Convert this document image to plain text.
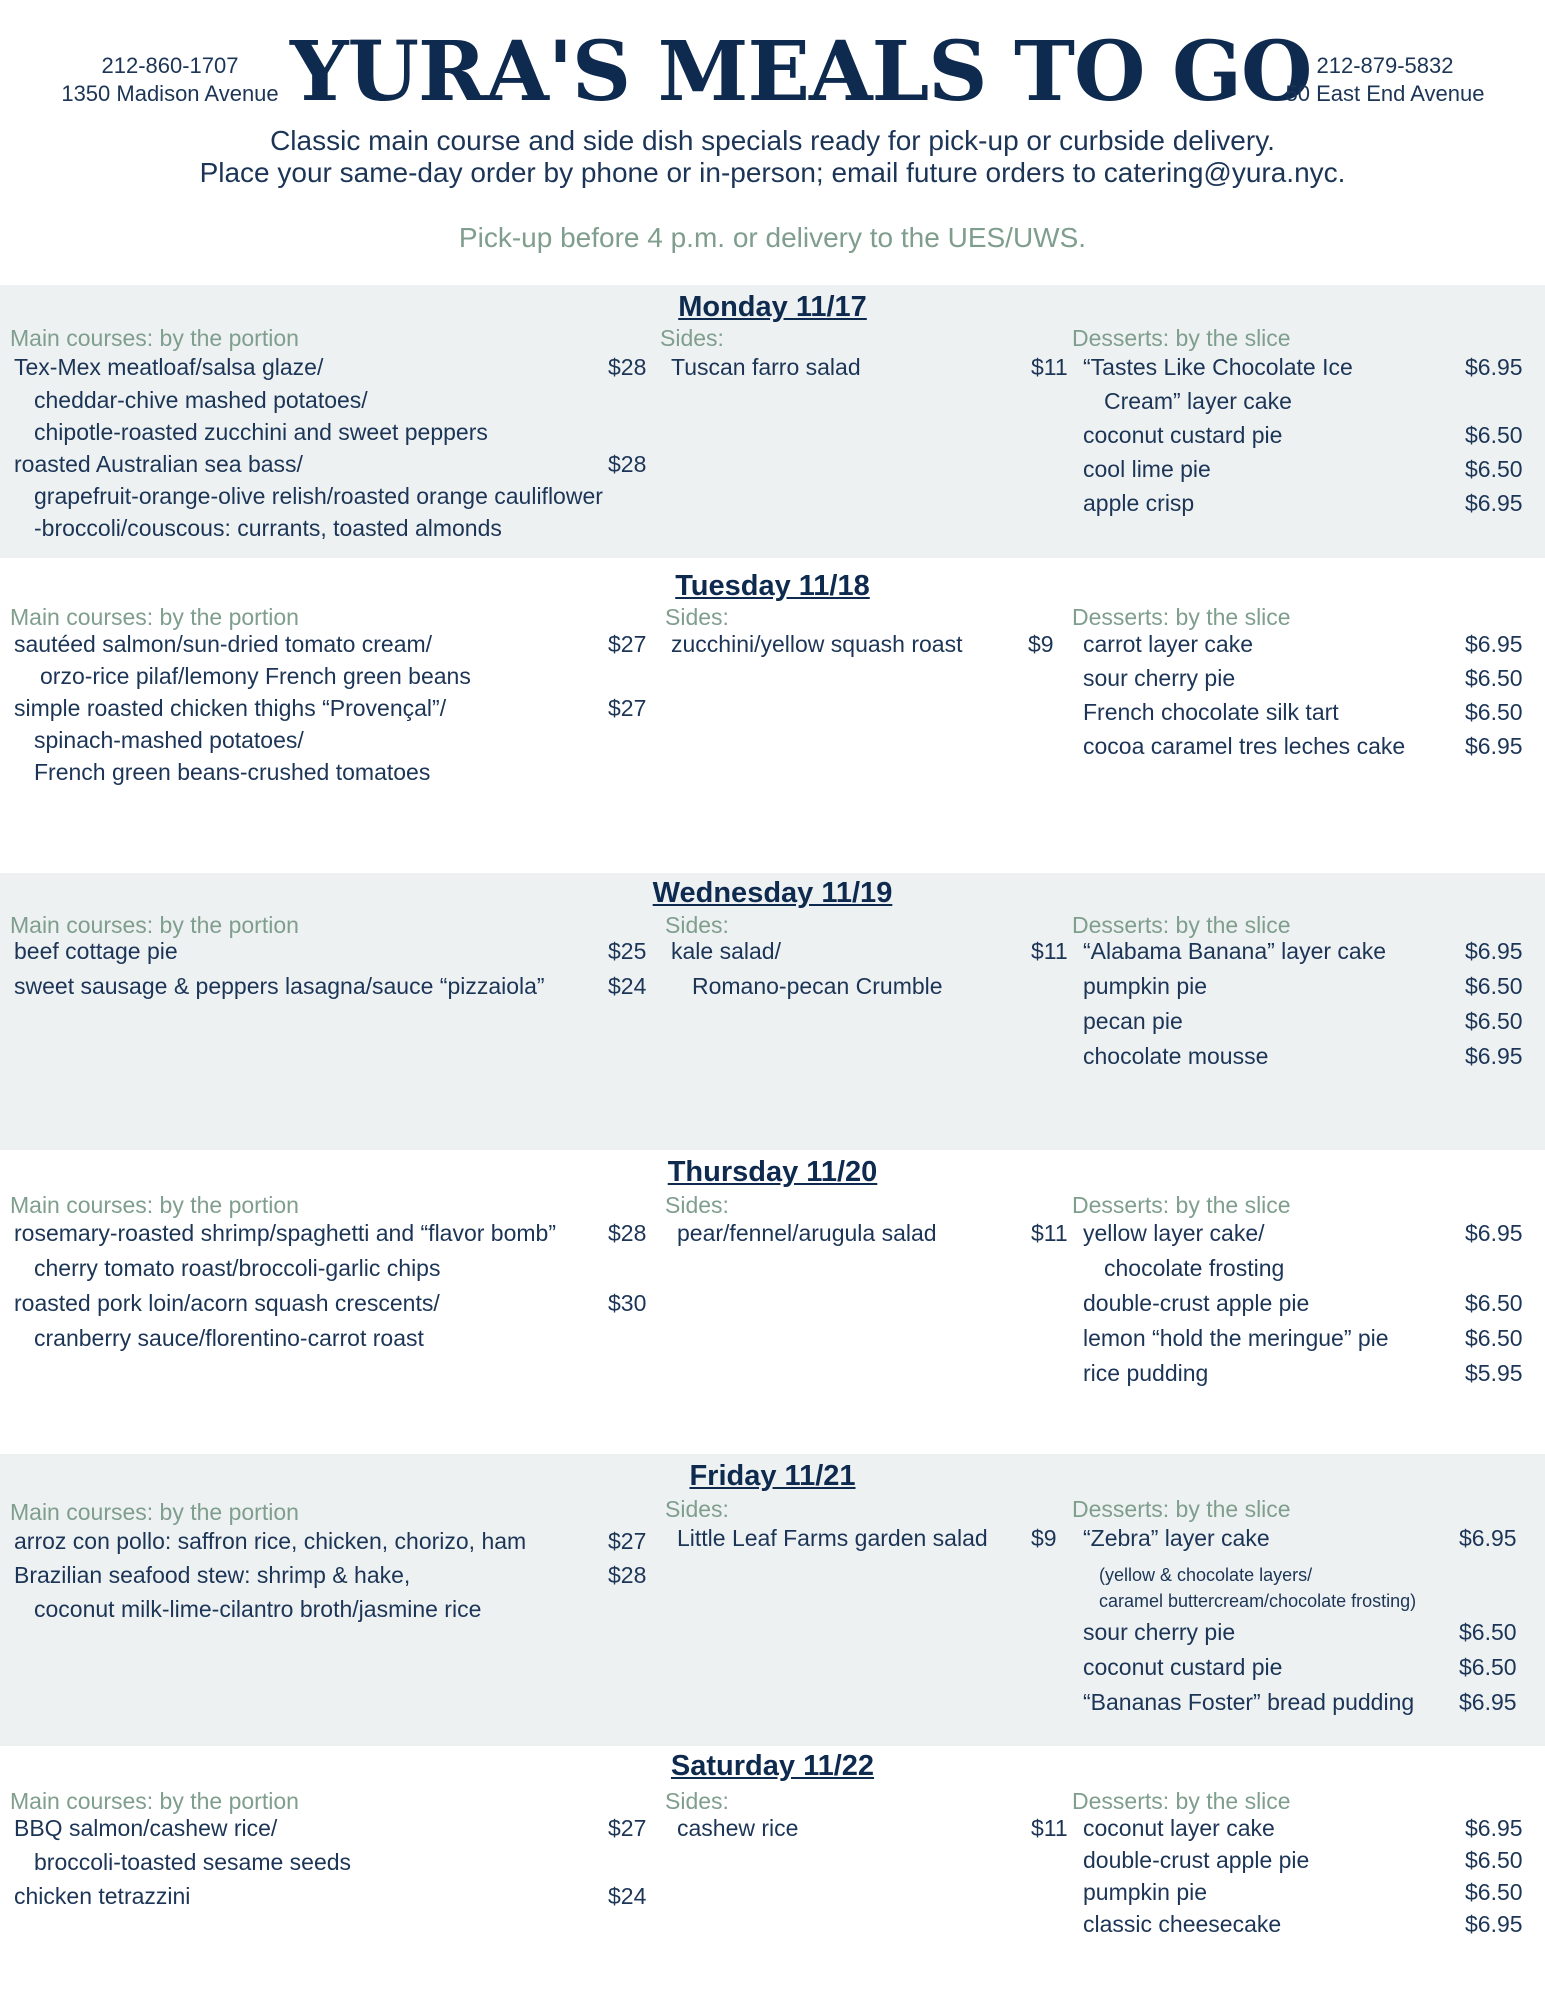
212-860-1707
1350 Madison Avenue YURA'S MEALS TO GO 212-879-5832
50 East End Avenue
Classic main course and side dish specials ready for pick-up or curbside delivery.
Place your same-day order by phone or in-person; email future orders to catering@yura.nyc.
Pick-up before 4 p.m. or delivery to the UES/UWS.
Monday 11/17
Main courses: by the portion
Tex-Mex meatloaf/salsa glaze/	$28
cheddar-chive mashed potatoes/
chipotle-roasted zucchini and sweet peppers
roasted Australian sea bass/	$28
grapefruit-orange-olive relish/roasted orange cauliflower
-broccoli/couscous: currants, toasted almonds
Sides:
Tuscan farro salad	$11
Desserts: by the slice
“Tastes Like Chocolate Ice	$6.95
Cream” layer cake
coconut custard pie	$6.50
cool lime pie	$6.50
apple crisp	$6.95
Tuesday 11/18
Main courses: by the portion
sautéed salmon/sun-dried tomato cream/	$27
orzo-rice pilaf/lemony French green beans
simple roasted chicken thighs “Provençal”/	$27
spinach-mashed potatoes/
French green beans-crushed tomatoes
Sides:
zucchini/yellow squash roast	$9
Desserts: by the slice
carrot layer cake	$6.95
sour cherry pie	$6.50
French chocolate silk tart	$6.50
cocoa caramel tres leches cake	$6.95
Wednesday 11/19
Main courses: by the portion
beef cottage pie	$25
sweet sausage & peppers lasagna/sauce “pizzaiola”	$24
Sides:
kale salad/	$11
Romano-pecan Crumble
Desserts: by the slice
“Alabama Banana” layer cake	$6.95
pumpkin pie	$6.50
pecan pie	$6.50
chocolate mousse	$6.95
Thursday 11/20
Main courses: by the portion
rosemary-roasted shrimp/spaghetti and “flavor bomb” $28
cherry tomato roast/broccoli-garlic chips
roasted pork loin/acorn squash crescents/	$30
cranberry sauce/florentino-carrot roast
Sides:
pear/fennel/arugula salad	$11
Desserts: by the slice
yellow layer cake/	$6.95
chocolate frosting
double-crust apple pie	$6.50
lemon “hold the meringue” pie	$6.50
rice pudding	$5.95
Friday 11/21
Main courses: by the portion
arroz con pollo: saffron rice, chicken, chorizo, ham	$27
Brazilian seafood stew: shrimp & hake,	$28
coconut milk-lime-cilantro broth/jasmine rice
Sides:
Little Leaf Farms garden salad $9
Desserts: by the slice
“Zebra” layer cake	$6.95
(yellow & chocolate layers/
caramel buttercream/chocolate frosting)
sour cherry pie	$6.50
coconut custard pie	$6.50
“Bananas Foster” bread pudding $6.95
Saturday 11/22
Main courses: by the portion
BBQ salmon/cashew rice/	$27
broccoli-toasted sesame seeds
chicken tetrazzini	$24
Sides:
cashew rice	$11
Desserts: by the slice
coconut layer cake	$6.95
double-crust apple pie	$6.50
pumpkin pie	$6.50
classic cheesecake	$6.95
